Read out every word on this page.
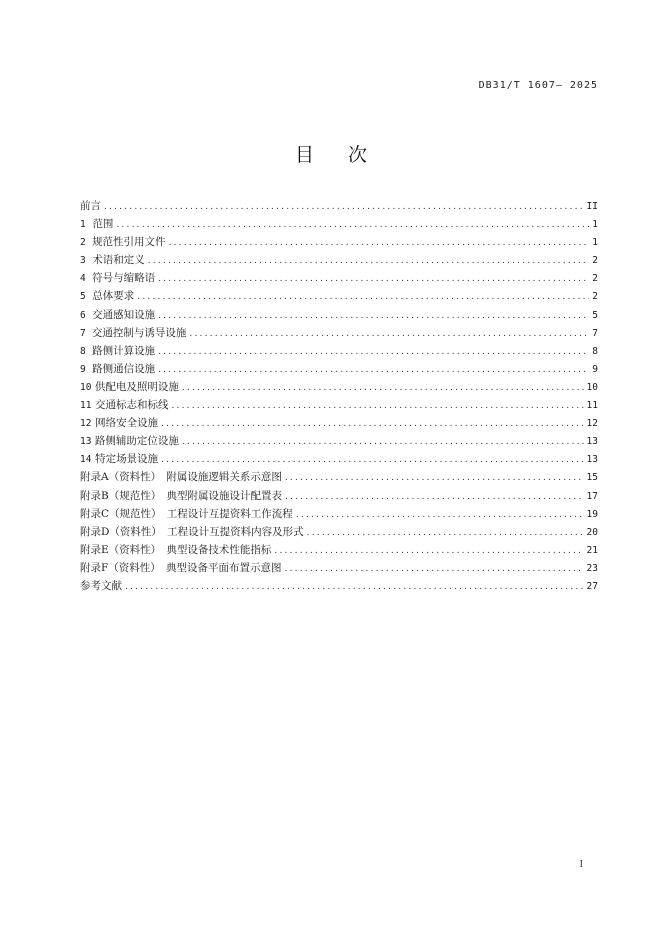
DB31/T 1607— 2025
目次
前言 .....	II
1 范围 .....	1
2 规范性引用文件 .....	1
3 术语和定义 .....	2
4 符号与缩略语 .....	2
5 总体要求 .....	2
6 交通感知设施 .....	5
7 交通控制与诱导设施 .....	7
8 路侧计算设施 .....	8
9 路侧通信设施 .....	9
10 供配电及照明设施 .....	10
11 交通标志和标线 .....	11
12 网络安全设施 .....	12
13 路侧辅助定位设施 .....	13
14 特定场景设施 .....	13
附录A（资料性）　附属设施逻辑关系示意图 .....	15
附录B（规范性）　典型附属设施设计配置表 .....	17
附录C（规范性）　工程设计互提资料工作流程 .....	19
附录D（资料性）　工程设计互提资料内容及形式 .....	20
附录E（资料性）　典型设备技术性能指标 .....	21
附录F（资料性）　典型设备平面布置示意图 .....	23
参考文献 .....	27
I
